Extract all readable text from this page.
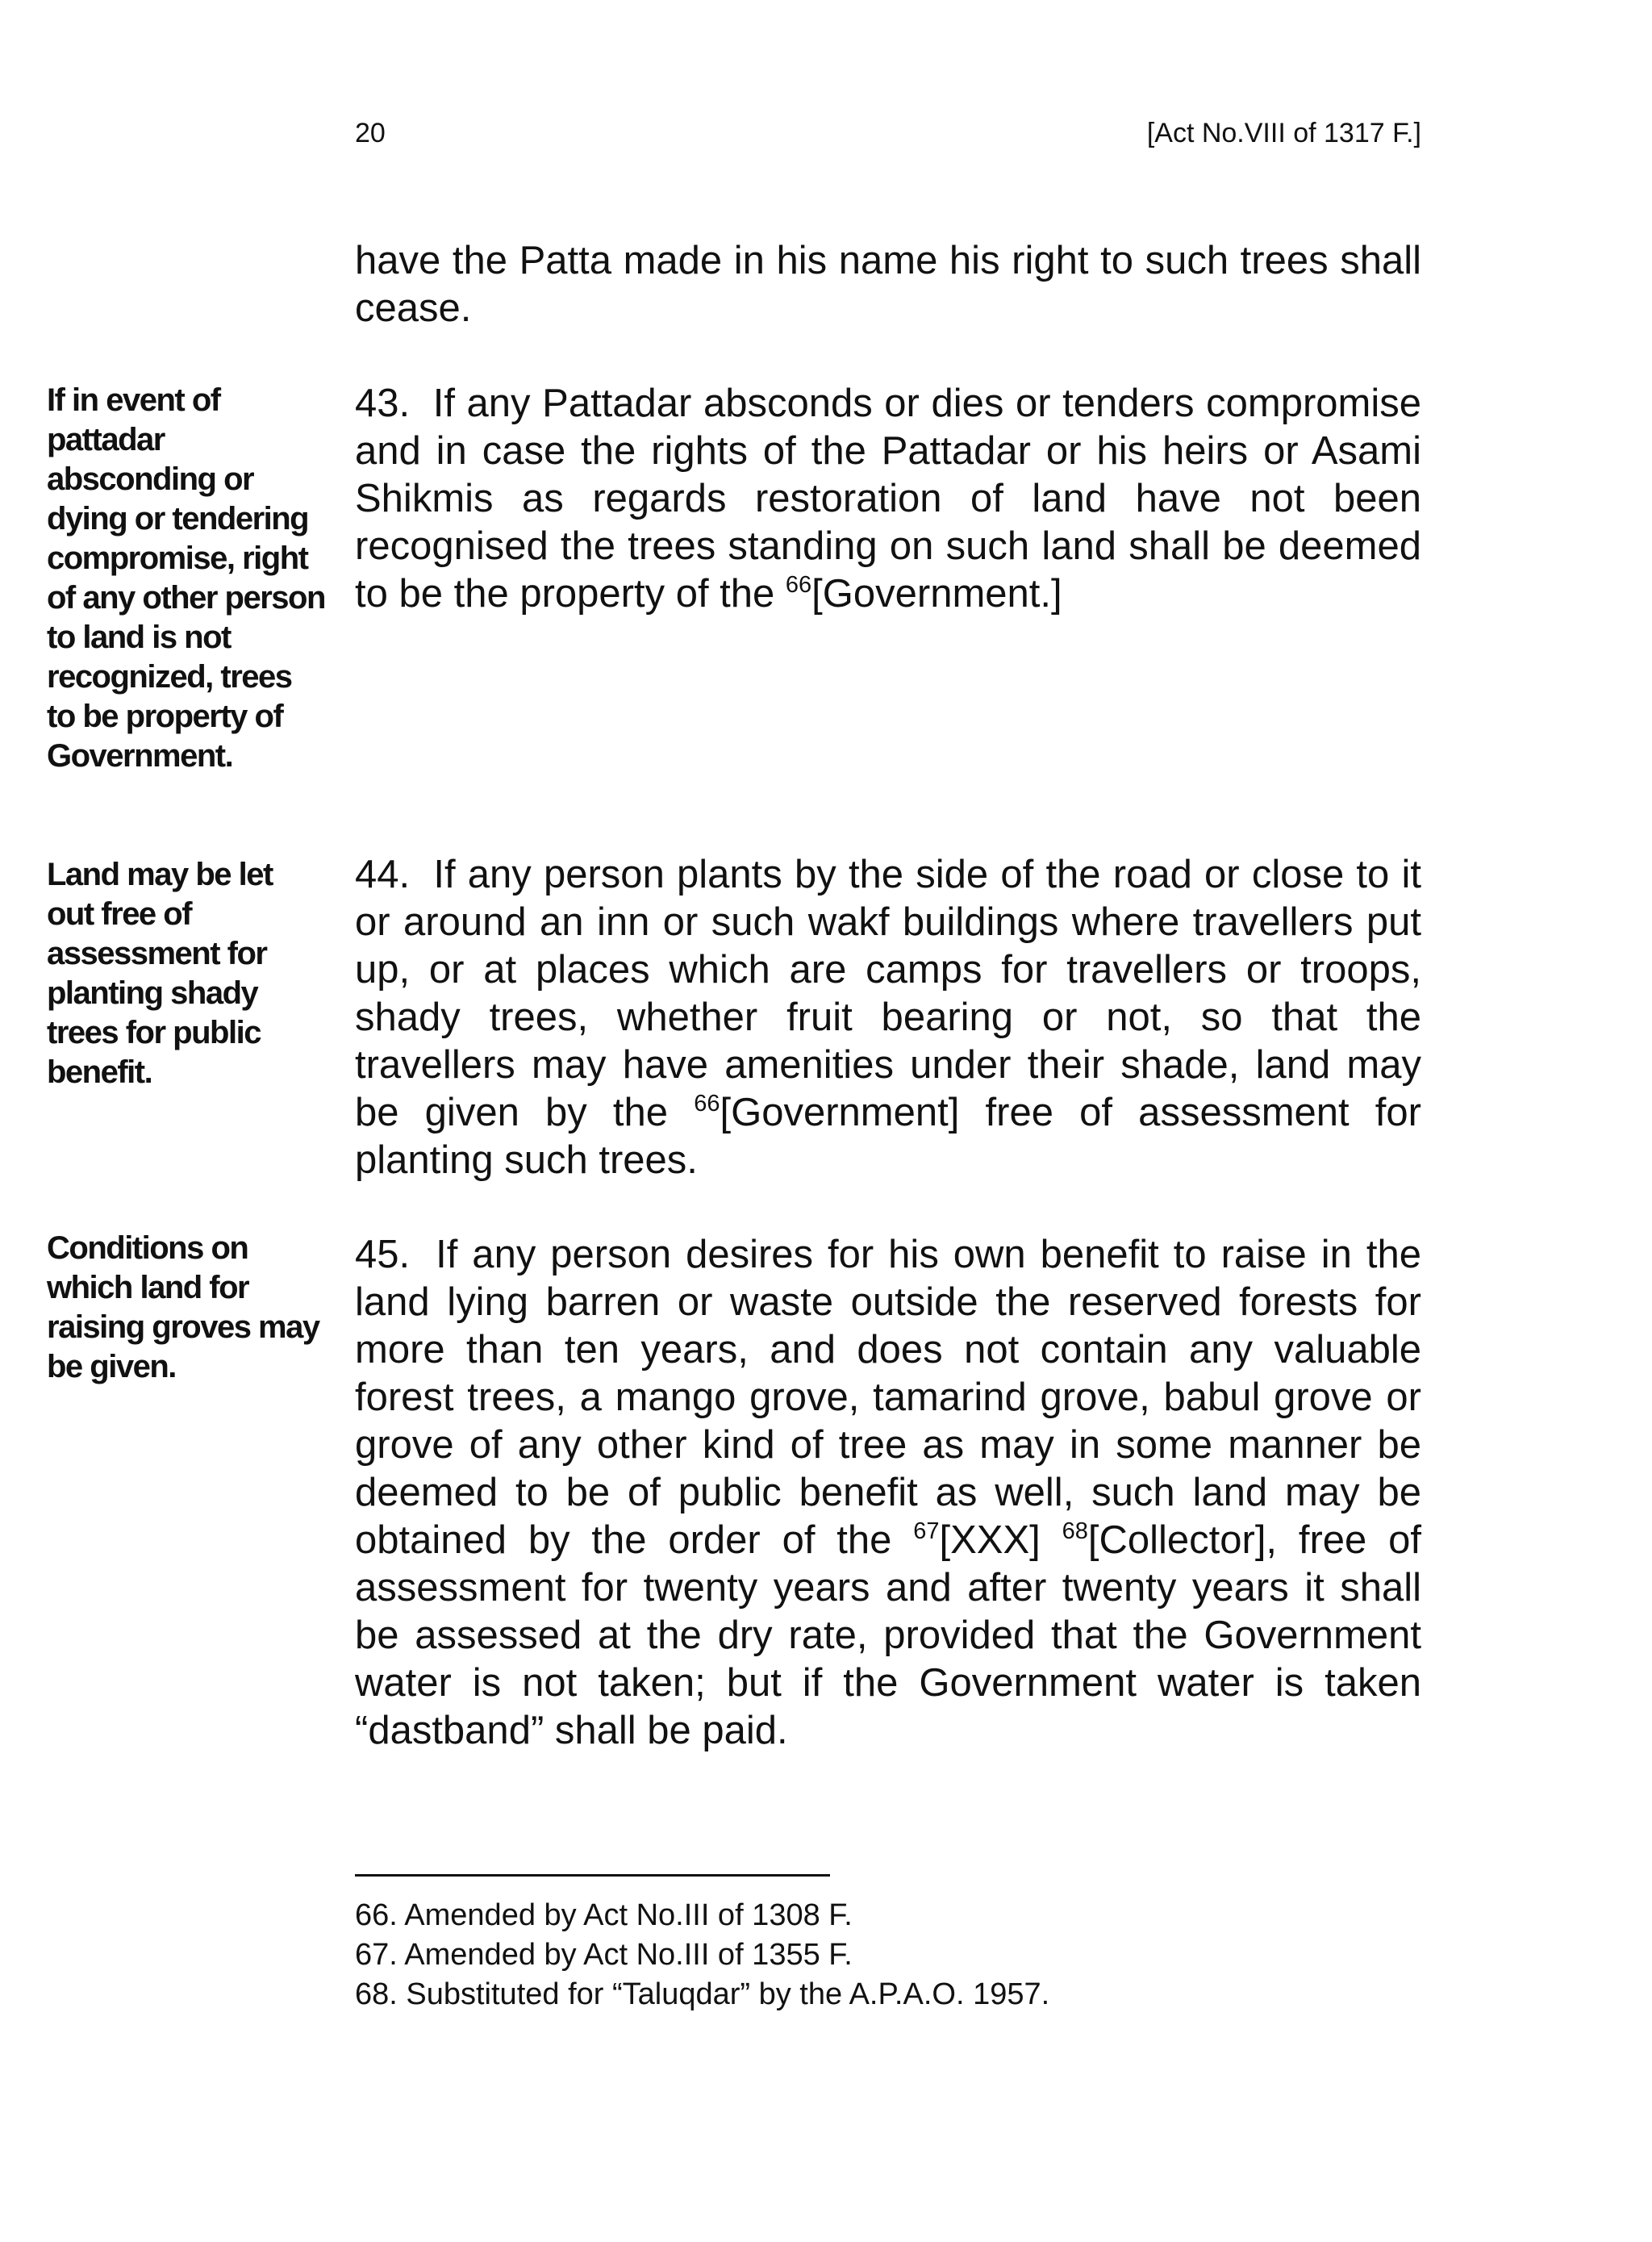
20	[Act No.VIII of 1317 F.]

have the Patta made in his name his right to such trees shall cease.

If in event of pattadar absconding or dying or tendering compromise, right of any other person to land is not recognized, trees to be property of Government.

43. If any Pattadar absconds or dies or tenders compromise and in case the rights of the Pattadar or his heirs or Asami Shikmis as regards restoration of land have not been recognised the trees standing on such land shall be deemed to be the property of the $^{66}$[Government.]

Land may be let out free of assessment for planting shady trees for public benefit.

44. If any person plants by the side of the road or close to it or around an inn or such wakf buildings where travellers put up, or at places which are camps for travellers or troops, shady trees, whether fruit bearing or not, so that the travellers may have amenities under their shade, land may be given by the $^{66}$[Government] free of assessment for planting such trees.

Conditions on which land for raising groves may be given.

45. If any person desires for his own benefit to raise in the land lying barren or waste outside the reserved forests for more than ten years, and does not contain any valuable forest trees, a mango grove, tamarind grove, babul grove or grove of any other kind of tree as may in some manner be deemed to be of public benefit as well, such land may be obtained by the order of the $^{67}$[XXX] $^{68}$[Collector], free of assessment for twenty years and after twenty years it shall be assessed at the dry rate, provided that the Government water is not taken; but if the Government water is taken “dastband” shall be paid.

66. Amended by Act No.III of 1308 F.
67. Amended by Act No.III of 1355 F.
68. Substituted for “Taluqdar” by the A.P.A.O. 1957.
